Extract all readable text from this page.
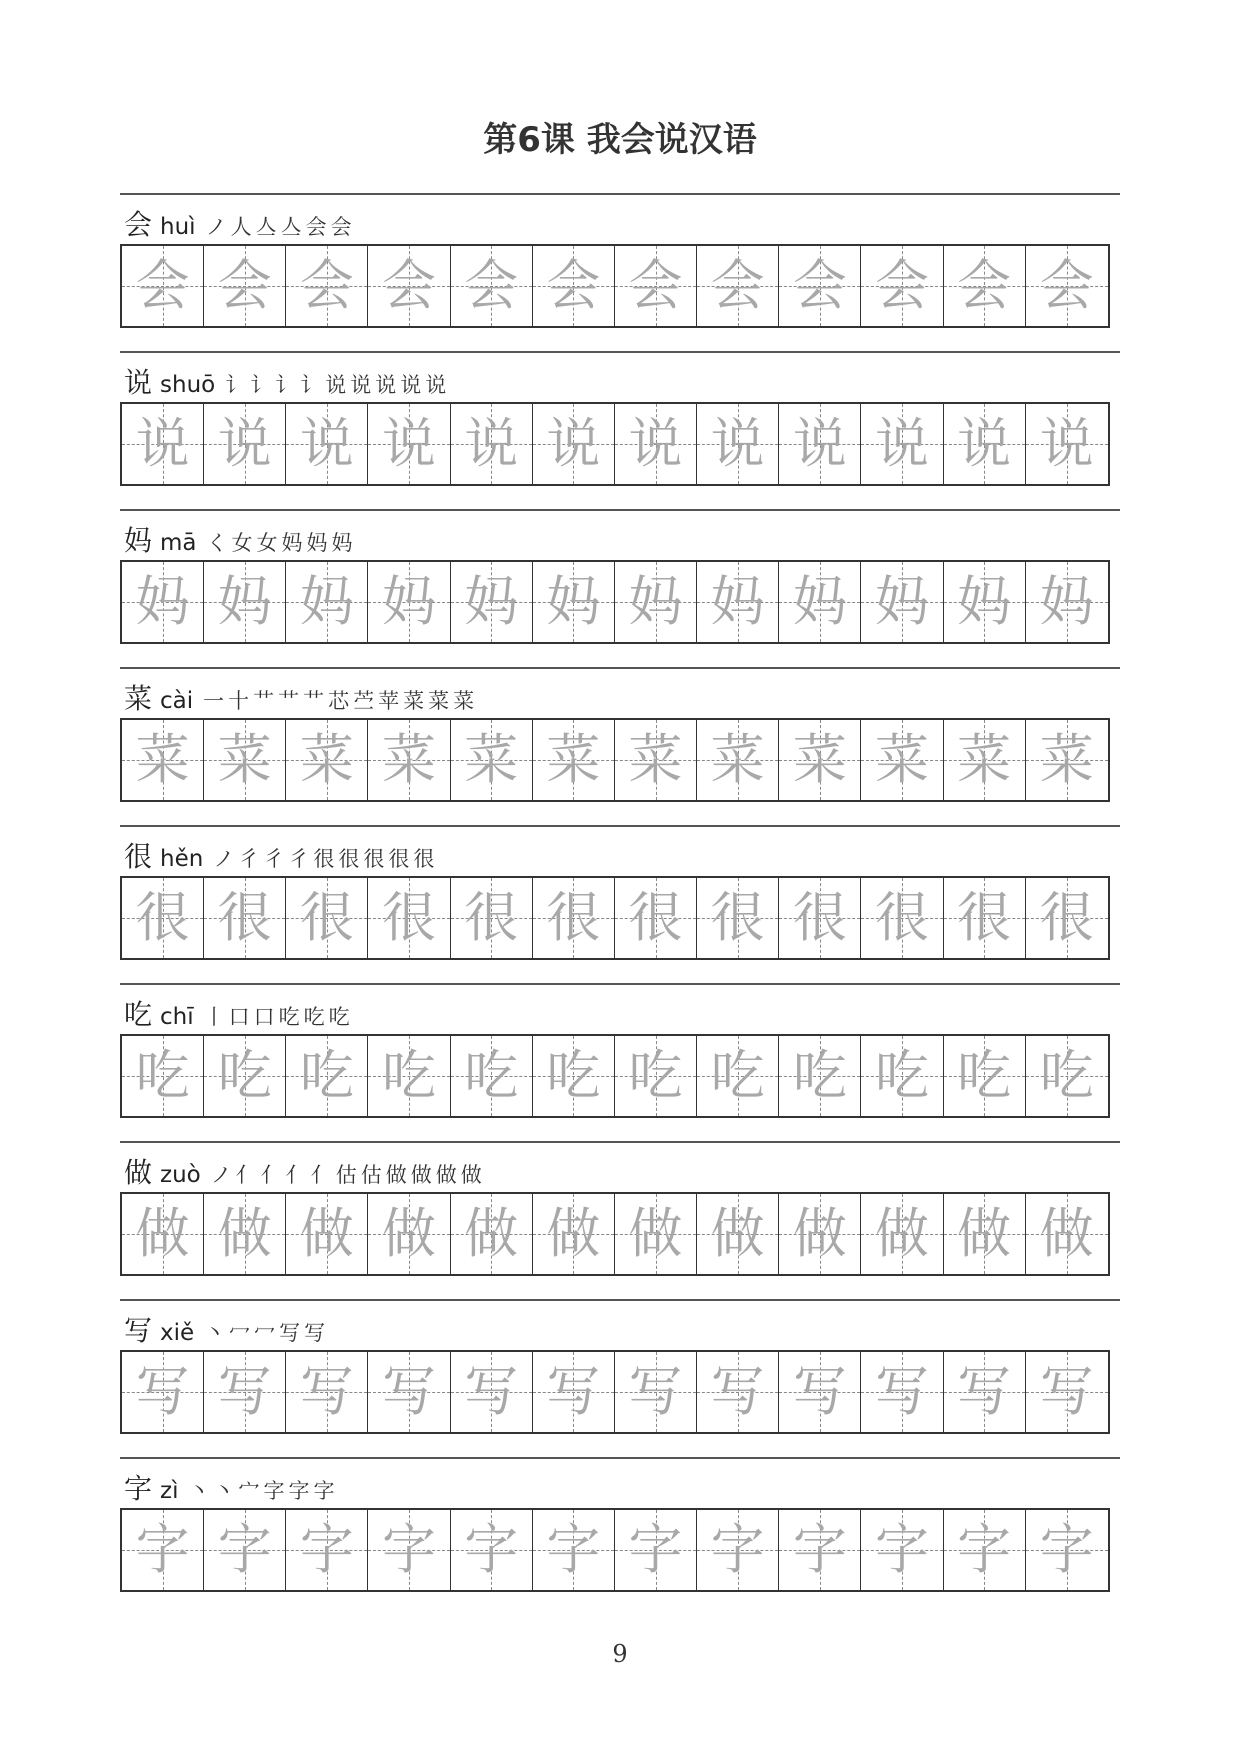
第6课 我会说汉语
会 huì ノ人亼亼会会
会 会 会 会 会 会 会 会 会 会 会 会
说 shuō 讠讠讠讠说说说说说
说 说 说 说 说 说 说 说 说 说 说 说
妈 mā く女女妈妈妈
妈 妈 妈 妈 妈 妈 妈 妈 妈 妈 妈 妈
菜 cài 一十艹艹艹芯苎苹菜菜菜
菜 菜 菜 菜 菜 菜 菜 菜 菜 菜 菜 菜
很 hěn ノ彳彳彳很很很很很
很 很 很 很 很 很 很 很 很 很 很 很
吃 chī 丨口口吃吃吃
吃 吃 吃 吃 吃 吃 吃 吃 吃 吃 吃 吃
做 zuò ノ亻亻亻亻估估做做做做
做 做 做 做 做 做 做 做 做 做 做 做
写 xiě 丶冖冖写写
写 写 写 写 写 写 写 写 写 写 写 写
字 zì 丶丶宀字字字
字 字 字 字 字 字 字 字 字 字 字 字
9
